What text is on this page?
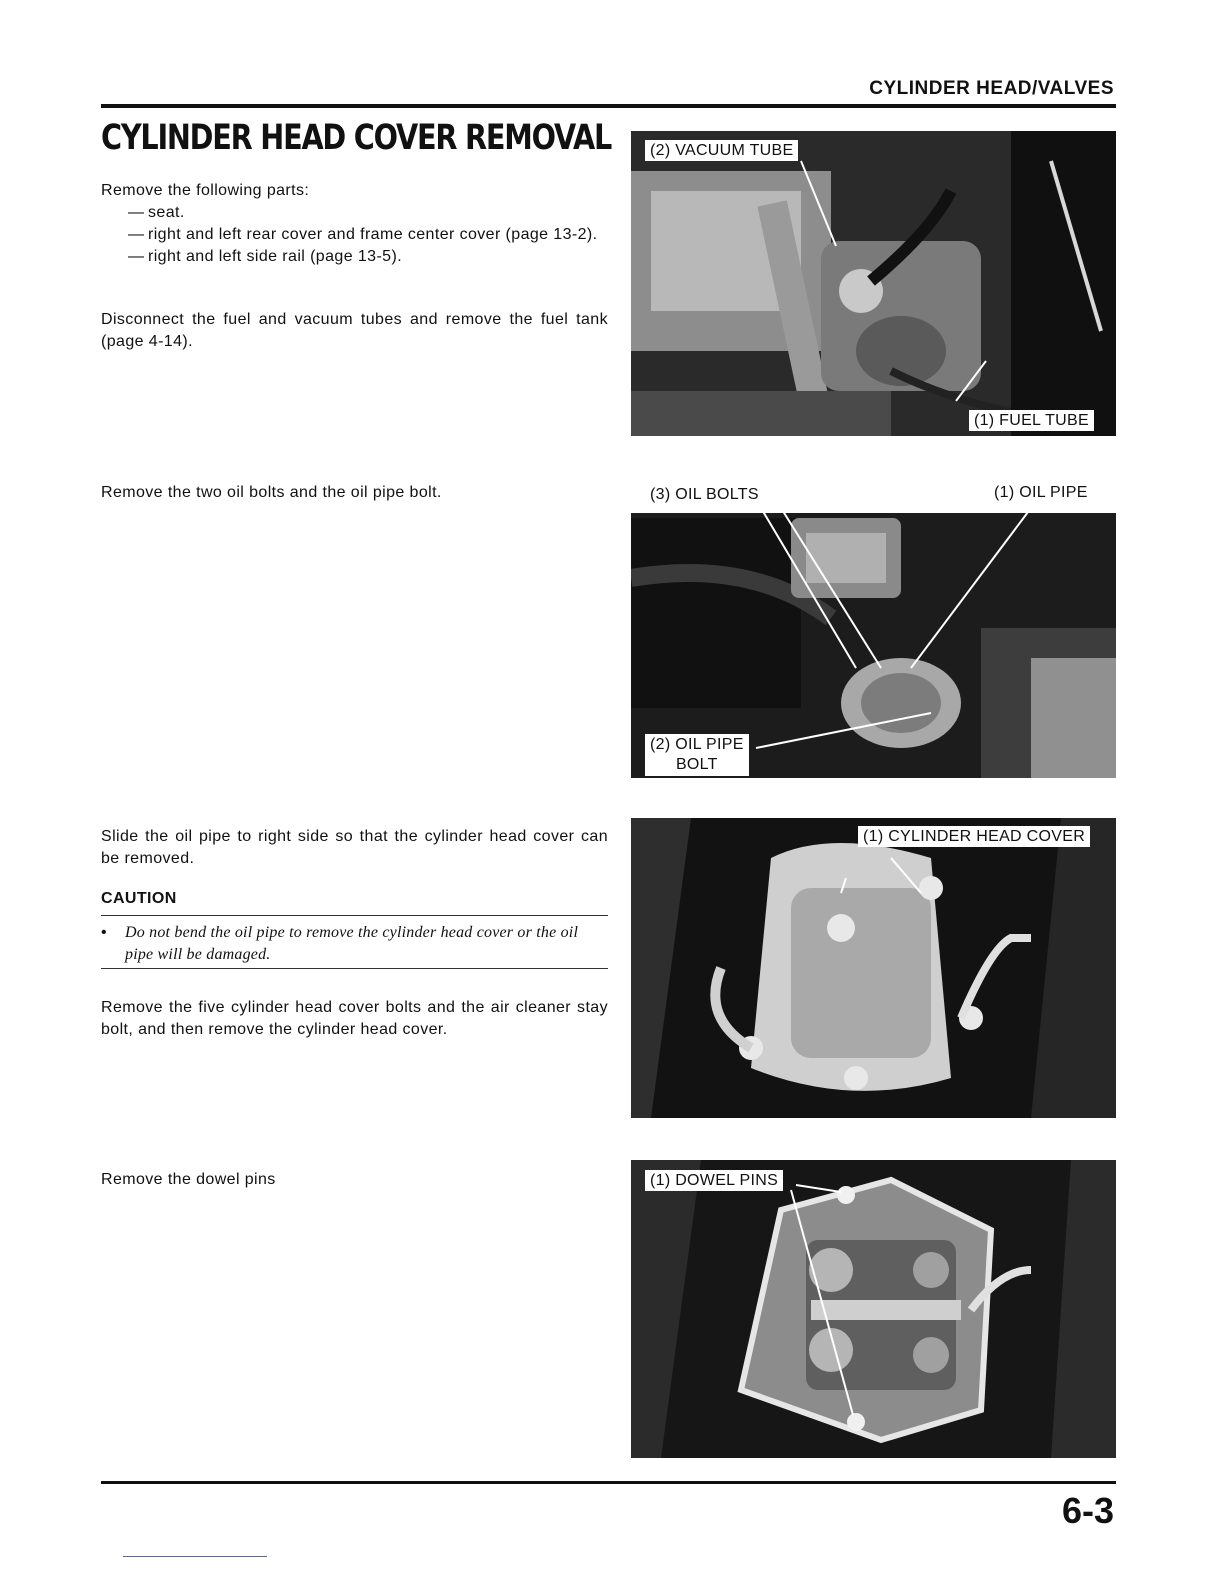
CYLINDER HEAD/VALVES
CYLINDER HEAD COVER REMOVAL
Remove the following parts:
— seat.
— right and left rear cover and frame center cover (page 13-2).
— right and left side rail (page 13-5).
Disconnect the fuel and vacuum tubes and remove the fuel tank (page 4-14).
Remove the two oil bolts and the oil pipe bolt.
Slide the oil pipe to right side so that the cylinder head cover can be removed.
CAUTION
• Do not bend the oil pipe to remove the cylinder head cover or the oil pipe will be damaged.
Remove the five cylinder head cover bolts and the air cleaner stay bolt, and then remove the cylinder head cover.
Remove the dowel pins
(2) VACUUM TUBE
(1) FUEL TUBE
(3) OIL BOLTS	(1) OIL PIPE
(2) OIL PIPE
BOLT
(1) CYLINDER HEAD COVER
(1) DOWEL PINS
6-3
